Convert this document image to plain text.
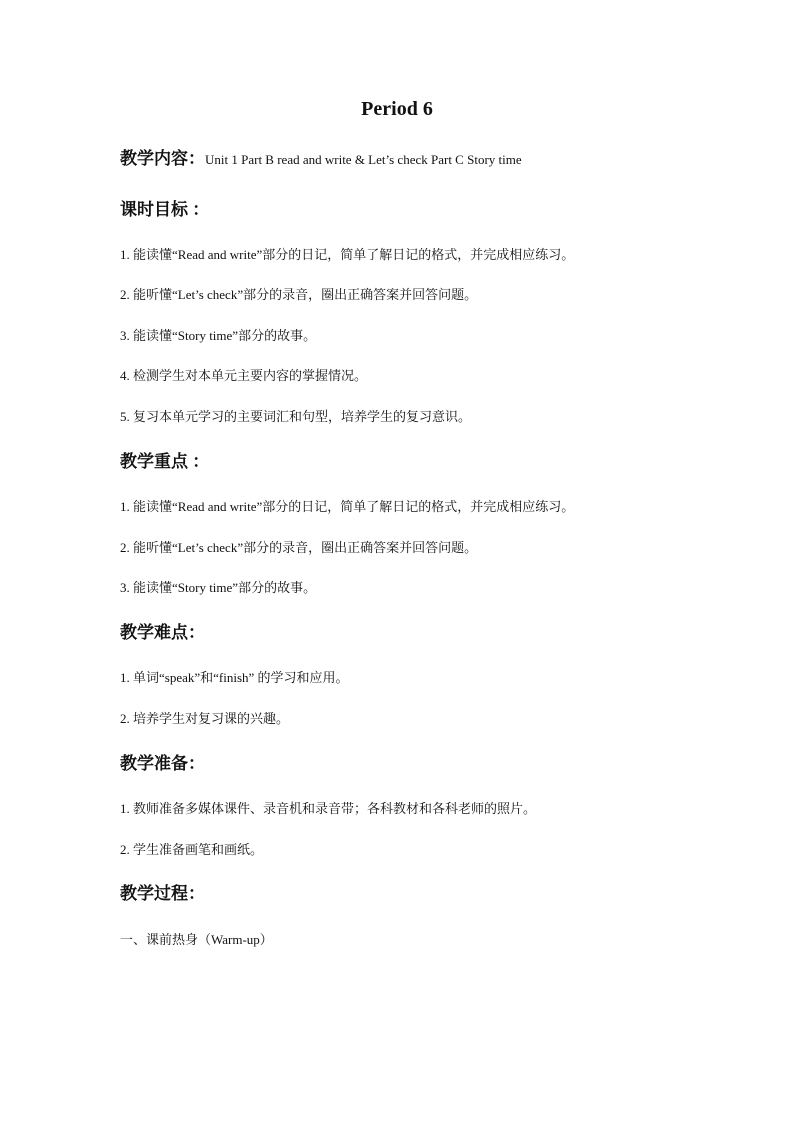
Period 6
教学内容：Unit 1 Part B read and write & Let’s check Part C Story time
课时目标 ：
1. 能读懂“Read and write”部分的日记，简单了解日记的格式，并完成相应练习。
2. 能听懂“Let’s check”部分的录音，圈出正确答案并回答问题。
3. 能读懂“Story time”部分的故事。
4. 检测学生对本单元主要内容的掌握情况。
5. 复习本单元学习的主要词汇和句型，培养学生的复习意识。
教学重点 ：
1. 能读懂“Read and write”部分的日记，简单了解日记的格式，并完成相应练习。
2. 能听懂“Let’s check”部分的录音，圈出正确答案并回答问题。
3. 能读懂“Story time”部分的故事。
教学难点：
1. 单词“speak”和“finish” 的学习和应用。
2. 培养学生对复习课的兴趣。
教学准备：
1. 教师准备多媒体课件、录音机和录音带；各科教材和各科老师的照片。
2. 学生准备画笔和画纸。
教学过程：
一、课前热身（Warm-up）
